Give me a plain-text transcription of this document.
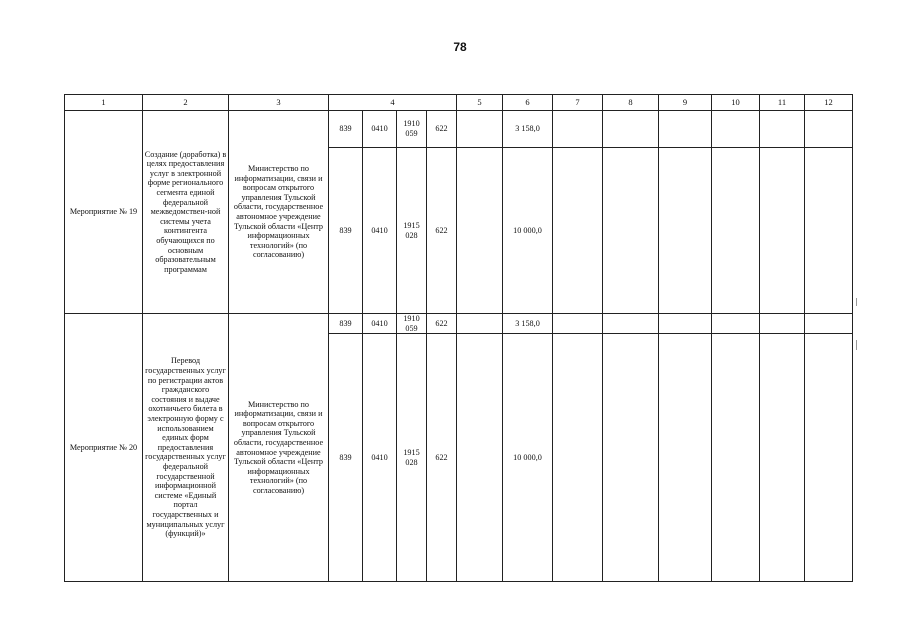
78
1	2	3	4				5	6	7	8	9	10	11	12
Мероприятие № 19	Создание (доработка) в целях предоставления услуг в электронной форме регионального сегмента единой федеральной межведомствен-ной системы учета контингента обучающихся по основным образовательным программам	Министерство по информатизации, связи и вопросам открытого управления Тульской области, государственное автономное учреждение Тульской области «Центр информационных технологий» (по согласованию)	839	0410	1910 059	622		3 158,0						
			839	0410	1915 028	622		10 000,0						
Мероприятие № 20	Перевод государственных услуг по регистрации актов гражданского состояния и выдаче охотничьего билета в электронную форму с использованием единых форм предоставления государственных услуг федеральной государственной информационной системе «Единый портал государственных и муниципальных услуг (функций)»	Министерство по информатизации, связи и вопросам открытого управления Тульской области, государственное автономное учреждение Тульской области «Центр информационных технологий» (по согласованию)	839	0410	1910 059	622		3 158,0						
			839	0410	1915 028	622		10 000,0						
